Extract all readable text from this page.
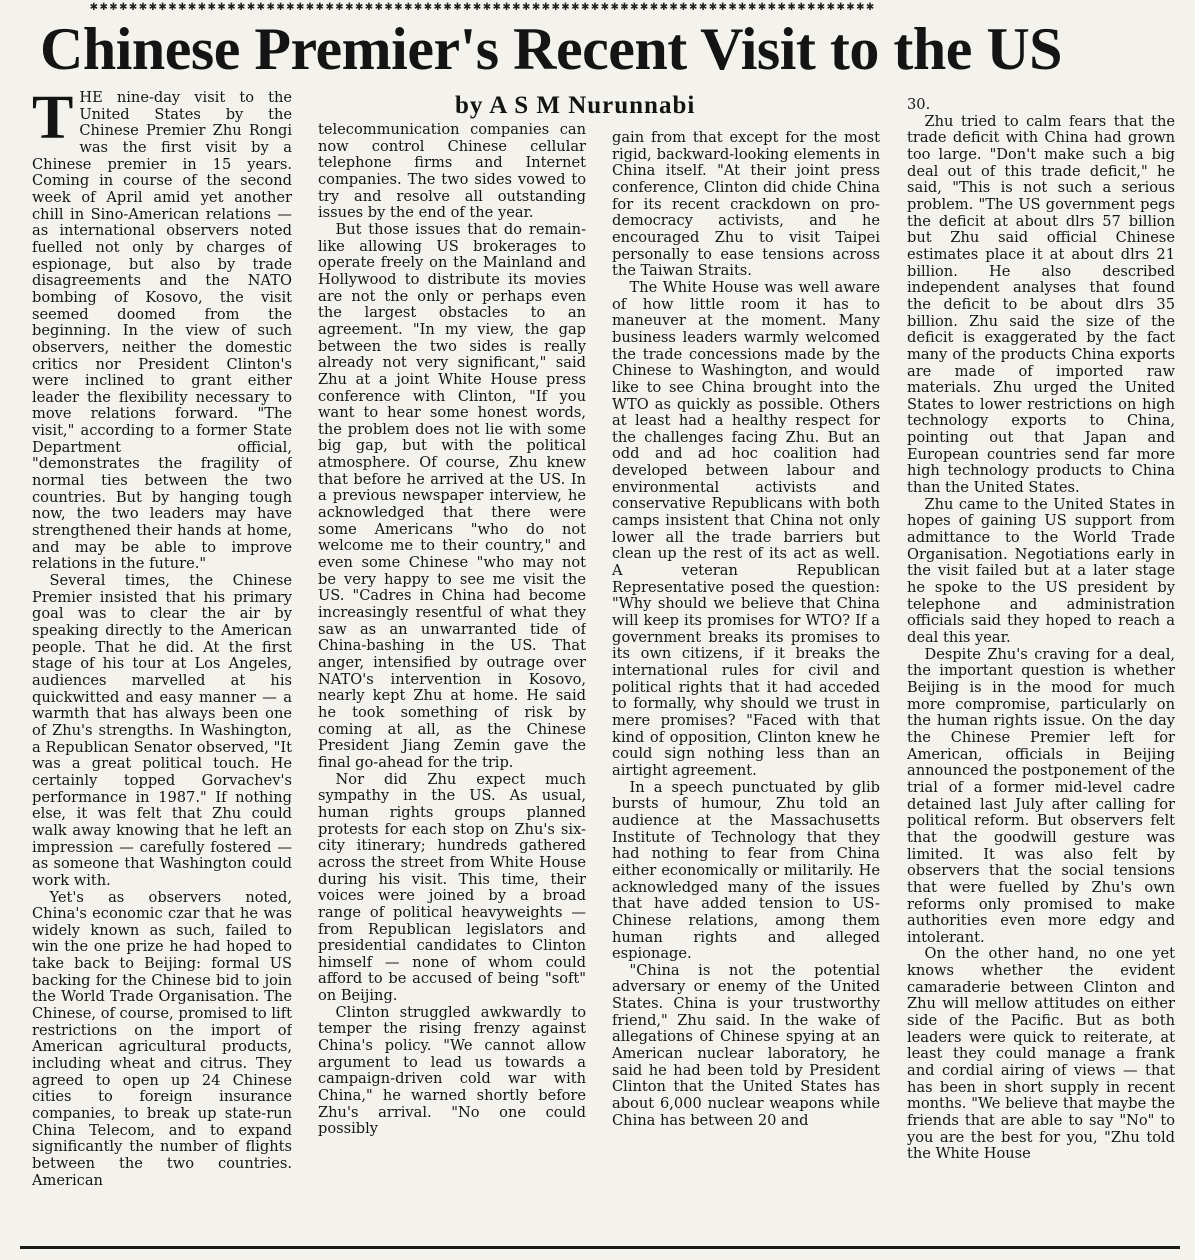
✱✱✱✱✱✱✱✱✱✱✱✱✱✱✱✱✱✱✱✱✱✱✱✱✱✱✱✱✱✱✱✱✱✱✱✱✱✱✱✱✱✱✱✱✱✱✱✱✱✱✱✱✱✱✱✱✱✱✱✱✱✱✱✱✱✱✱✱✱✱✱✱✱✱✱✱✱✱✱✱
Chinese Premier's Recent Visit to the US
by A S M Nurunnabi

THE nine-day visit to the United States by the Chinese Premier Zhu Rongi was the first visit by a Chinese premier in 15 years. Coming in course of the second week of April amid yet another chill in Sino-American relations — as international observers noted fuelled not only by charges of espionage, but also by trade disagreements and the NATO bombing of Kosovo, the visit seemed doomed from the beginning. In the view of such observers, neither the domestic critics nor President Clinton's were inclined to grant either leader the flexibility necessary to move relations forward. "The visit," according to a former State Department official, "demonstrates the fragility of normal ties between the two countries. But by hanging tough now, the two leaders may have strengthened their hands at home, and may be able to improve relations in the future."

Several times, the Chinese Premier insisted that his primary goal was to clear the air by speaking directly to the American people. That he did. At the first stage of his tour at Los Angeles, audiences marvelled at his quickwitted and easy manner — a warmth that has always been one of Zhu's strengths. In Washington, a Republican Senator observed, "It was a great political touch. He certainly topped Gorvachev's performance in 1987." If nothing else, it was felt that Zhu could walk away knowing that he left an impression — carefully fostered — as someone that Washington could work with.

Yet's as observers noted, China's economic czar that he was widely known as such, failed to win the one prize he had hoped to take back to Beijing: formal US backing for the Chinese bid to join the World Trade Organisation. The Chinese, of course, promised to lift restrictions on the import of American agricultural products, including wheat and citrus. They agreed to open up 24 Chinese cities to foreign insurance companies, to break up state-run China Telecom, and to expand significantly the number of flights between the two countries. American

telecommunication companies can now control Chinese cellular telephone firms and Internet companies. The two sides vowed to try and resolve all outstanding issues by the end of the year.

But those issues that do remain-like allowing US brokerages to operate freely on the Mainland and Hollywood to distribute its movies are not the only or perhaps even the largest obstacles to an agreement. "In my view, the gap between the two sides is really already not very significant," said Zhu at a joint White House press conference with Clinton, "If you want to hear some honest words, the problem does not lie with some big gap, but with the political atmosphere. Of course, Zhu knew that before he arrived at the US. In a previous newspaper interview, he acknowledged that there were some Americans "who do not welcome me to their country," and even some Chinese "who may not be very happy to see me visit the US. "Cadres in China had become increasingly resentful of what they saw as an unwarranted tide of China-bashing in the US. That anger, intensified by outrage over NATO's intervention in Kosovo, nearly kept Zhu at home. He said he took something of risk by coming at all, as the Chinese President Jiang Zemin gave the final go-ahead for the trip.

Nor did Zhu expect much sympathy in the US. As usual, human rights groups planned protests for each stop on Zhu's six-city itinerary; hundreds gathered across the street from White House during his visit. This time, their voices were joined by a broad range of political heavyweights — from Republican legislators and presidential candidates to Clinton himself — none of whom could afford to be accused of being "soft" on Beijing.

Clinton struggled awkwardly to temper the rising frenzy against China's policy. "We cannot allow argument to lead us towards a campaign-driven cold war with China," he warned shortly before Zhu's arrival. "No one could possibly

gain from that except for the most rigid, backward-looking elements in China itself. "At their joint press conference, Clinton did chide China for its recent crackdown on pro-democracy activists, and he encouraged Zhu to visit Taipei personally to ease tensions across the Taiwan Straits.

The White House was well aware of how little room it has to maneuver at the moment. Many business leaders warmly welcomed the trade concessions made by the Chinese to Washington, and would like to see China brought into the WTO as quickly as possible. Others at least had a healthy respect for the challenges facing Zhu. But an odd and ad hoc coalition had developed between labour and environmental activists and conservative Republicans with both camps insistent that China not only lower all the trade barriers but clean up the rest of its act as well. A veteran Republican Representative posed the question: "Why should we believe that China will keep its promises for WTO? If a government breaks its promises to its own citizens, if it breaks the international rules for civil and political rights that it had acceded to formally, why should we trust in mere promises? "Faced with that kind of opposition, Clinton knew he could sign nothing less than an airtight agreement.

In a speech punctuated by glib bursts of humour, Zhu told an audience at the Massachusetts Institute of Technology that they had nothing to fear from China either economically or militarily. He acknowledged many of the issues that have added tension to US-Chinese relations, among them human rights and alleged espionage.

"China is not the potential adversary or enemy of the United States. China is your trustworthy friend," Zhu said. In the wake of allegations of Chinese spying at an American nuclear laboratory, he said he had been told by President Clinton that the United States has about 6,000 nuclear weapons while China has between 20 and

30.

Zhu tried to calm fears that the trade deficit with China had grown too large. "Don't make such a big deal out of this trade deficit," he said, "This is not such a serious problem. "The US government pegs the deficit at about dlrs 57 billion but Zhu said official Chinese estimates place it at about dlrs 21 billion. He also described independent analyses that found the deficit to be about dlrs 35 billion. Zhu said the size of the deficit is exaggerated by the fact many of the products China exports are made of imported raw materials. Zhu urged the United States to lower restrictions on high technology exports to China, pointing out that Japan and European countries send far more high technology products to China than the United States.

Zhu came to the United States in hopes of gaining US support from admittance to the World Trade Organisation. Negotiations early in the visit failed but at a later stage he spoke to the US president by telephone and administration officials said they hoped to reach a deal this year.

Despite Zhu's craving for a deal, the important question is whether Beijing is in the mood for much more compromise, particularly on the human rights issue. On the day the Chinese Premier left for American, officials in Beijing announced the postponement of the trial of a former mid-level cadre detained last July after calling for political reform. But observers felt that the goodwill gesture was limited. It was also felt by observers that the social tensions that were fuelled by Zhu's own reforms only promised to make authorities even more edgy and intolerant.

On the other hand, no one yet knows whether the evident camaraderie between Clinton and Zhu will mellow attitudes on either side of the Pacific. But as both leaders were quick to reiterate, at least they could manage a frank and cordial airing of views — that has been in short supply in recent months. "We believe that maybe the friends that are able to say "No" to you are the best for you, "Zhu told the White House
